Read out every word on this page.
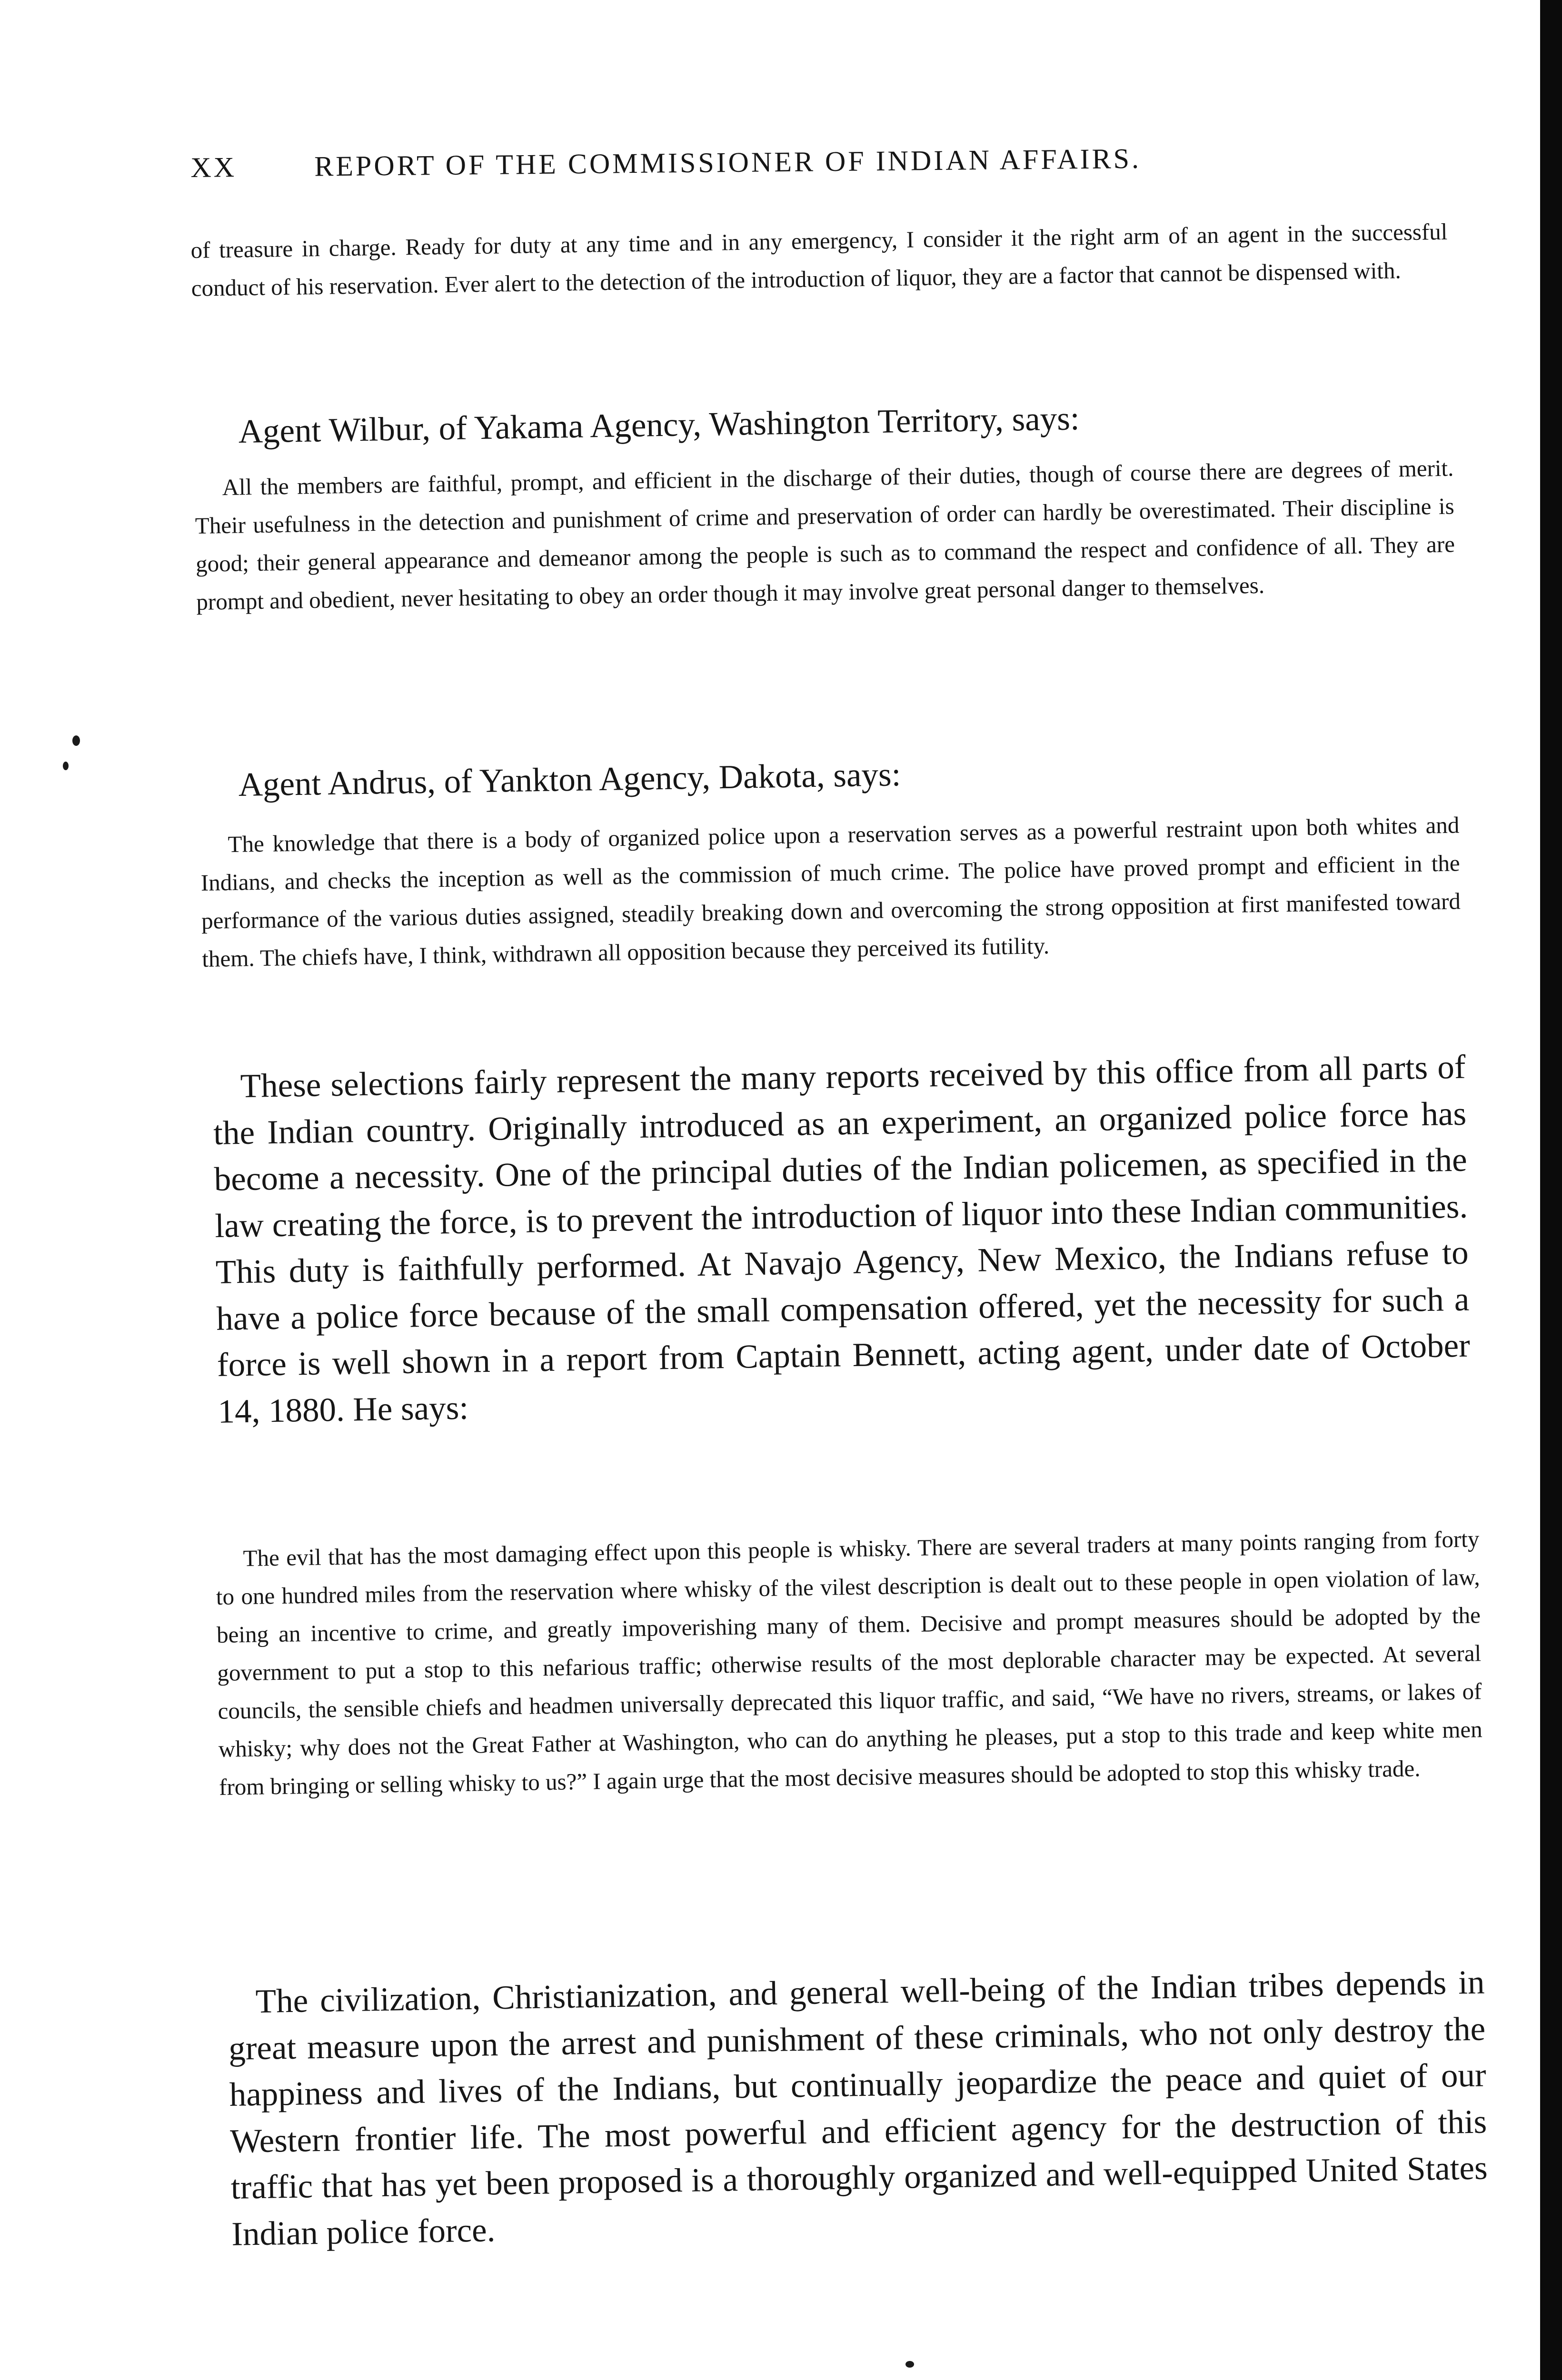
XX	REPORT OF THE COMMISSIONER OF INDIAN AFFAIRS.
of treasure in charge. Ready for duty at any time and in any emergency, I consider it the right arm of an agent in the successful conduct of his reservation. Ever alert to the detection of the introduction of liquor, they are a factor that cannot be dispensed with.
Agent Wilbur, of Yakama Agency, Washington Territory, says:
All the members are faithful, prompt, and efficient in the discharge of their duties, though of course there are degrees of merit. Their usefulness in the detection and punishment of crime and preservation of order can hardly be overestimated. Their discipline is good; their general appearance and demeanor among the people is such as to command the respect and confidence of all. They are prompt and obedient, never hesitating to obey an order though it may involve great personal danger to themselves.
Agent Andrus, of Yankton Agency, Dakota, says:
The knowledge that there is a body of organized police upon a reservation serves as a powerful restraint upon both whites and Indians, and checks the inception as well as the commission of much crime. The police have proved prompt and efficient in the performance of the various duties assigned, steadily breaking down and overcoming the strong opposition at first manifested toward them. The chiefs have, I think, withdrawn all opposition because they perceived its futility.
These selections fairly represent the many reports received by this office from all parts of the Indian country. Originally introduced as an experiment, an organized police force has become a necessity. One of the principal duties of the Indian policemen, as specified in the law creating the force, is to prevent the introduction of liquor into these Indian communities. This duty is faithfully performed. At Navajo Agency, New Mexico, the Indians refuse to have a police force because of the small compensation offered, yet the necessity for such a force is well shown in a report from Captain Bennett, acting agent, under date of October 14, 1880. He says:
The evil that has the most damaging effect upon this people is whisky. There are several traders at many points ranging from forty to one hundred miles from the reservation where whisky of the vilest description is dealt out to these people in open violation of law, being an incentive to crime, and greatly impoverishing many of them. Decisive and prompt measures should be adopted by the government to put a stop to this nefarious traffic; otherwise results of the most deplorable character may be expected. At several councils, the sensible chiefs and headmen universally deprecated this liquor traffic, and said, “We have no rivers, streams, or lakes of whisky; why does not the Great Father at Washington, who can do anything he pleases, put a stop to this trade and keep white men from bringing or selling whisky to us?” I again urge that the most decisive measures should be adopted to stop this whisky trade.
The civilization, Christianization, and general well-being of the Indian tribes depends in great measure upon the arrest and punishment of these criminals, who not only destroy the happiness and lives of the Indians, but continually jeopardize the peace and quiet of our Western frontier life. The most powerful and efficient agency for the destruction of this traffic that has yet been proposed is a thoroughly organized and well-equipped United States Indian police force.
